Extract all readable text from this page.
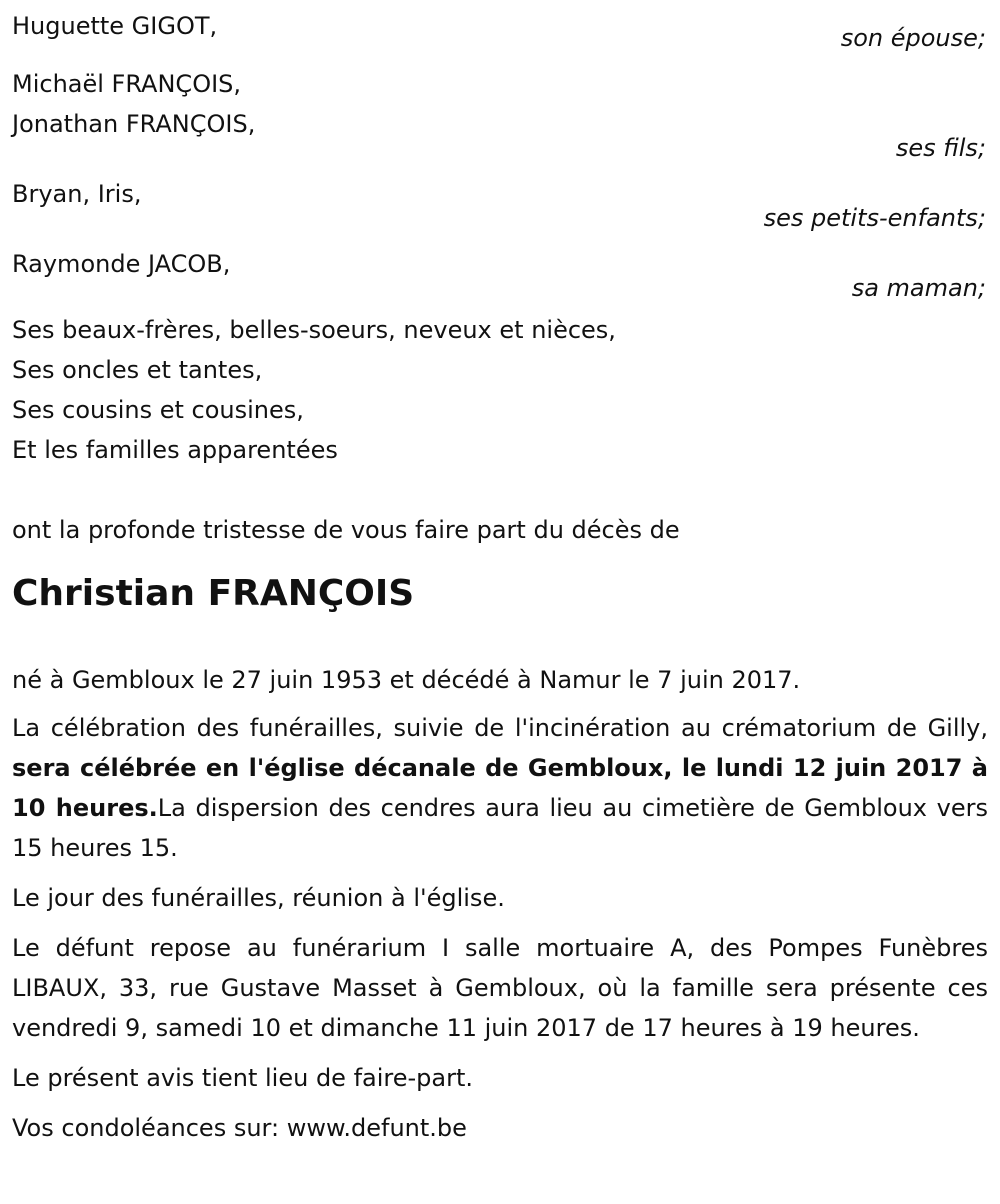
Huguette GIGOT,	son épouse;
Michaël FRANÇOIS,
Jonathan FRANÇOIS,
ses fils;
Bryan, Iris,
ses petits-enfants;
Raymonde JACOB,
sa maman;
Ses beaux-frères, belles-soeurs, neveux et nièces,
Ses oncles et tantes,
Ses cousins et cousines,
Et les familles apparentées
ont la profonde tristesse de vous faire part du décès de
Christian FRANÇOIS

né à Gembloux le 27 juin 1953 et décédé à Namur le 7 juin 2017.

La célébration des funérailles, suivie de l'incinération au crématorium de Gilly, sera célébrée en l'église décanale de Gembloux, le lundi 12 juin 2017 à 10 heures.La dispersion des cendres aura lieu au cimetière de Gembloux vers 15 heures 15.

Le jour des funérailles, réunion à l'église.

Le défunt repose au funérarium I salle mortuaire A, des Pompes Funèbres LIBAUX, 33, rue Gustave Masset à Gembloux, où la famille sera présente ces vendredi 9, samedi 10 et dimanche 11 juin 2017 de 17 heures à 19 heures.

Le présent avis tient lieu de faire-part.

Vos condoléances sur: www.defunt.be
